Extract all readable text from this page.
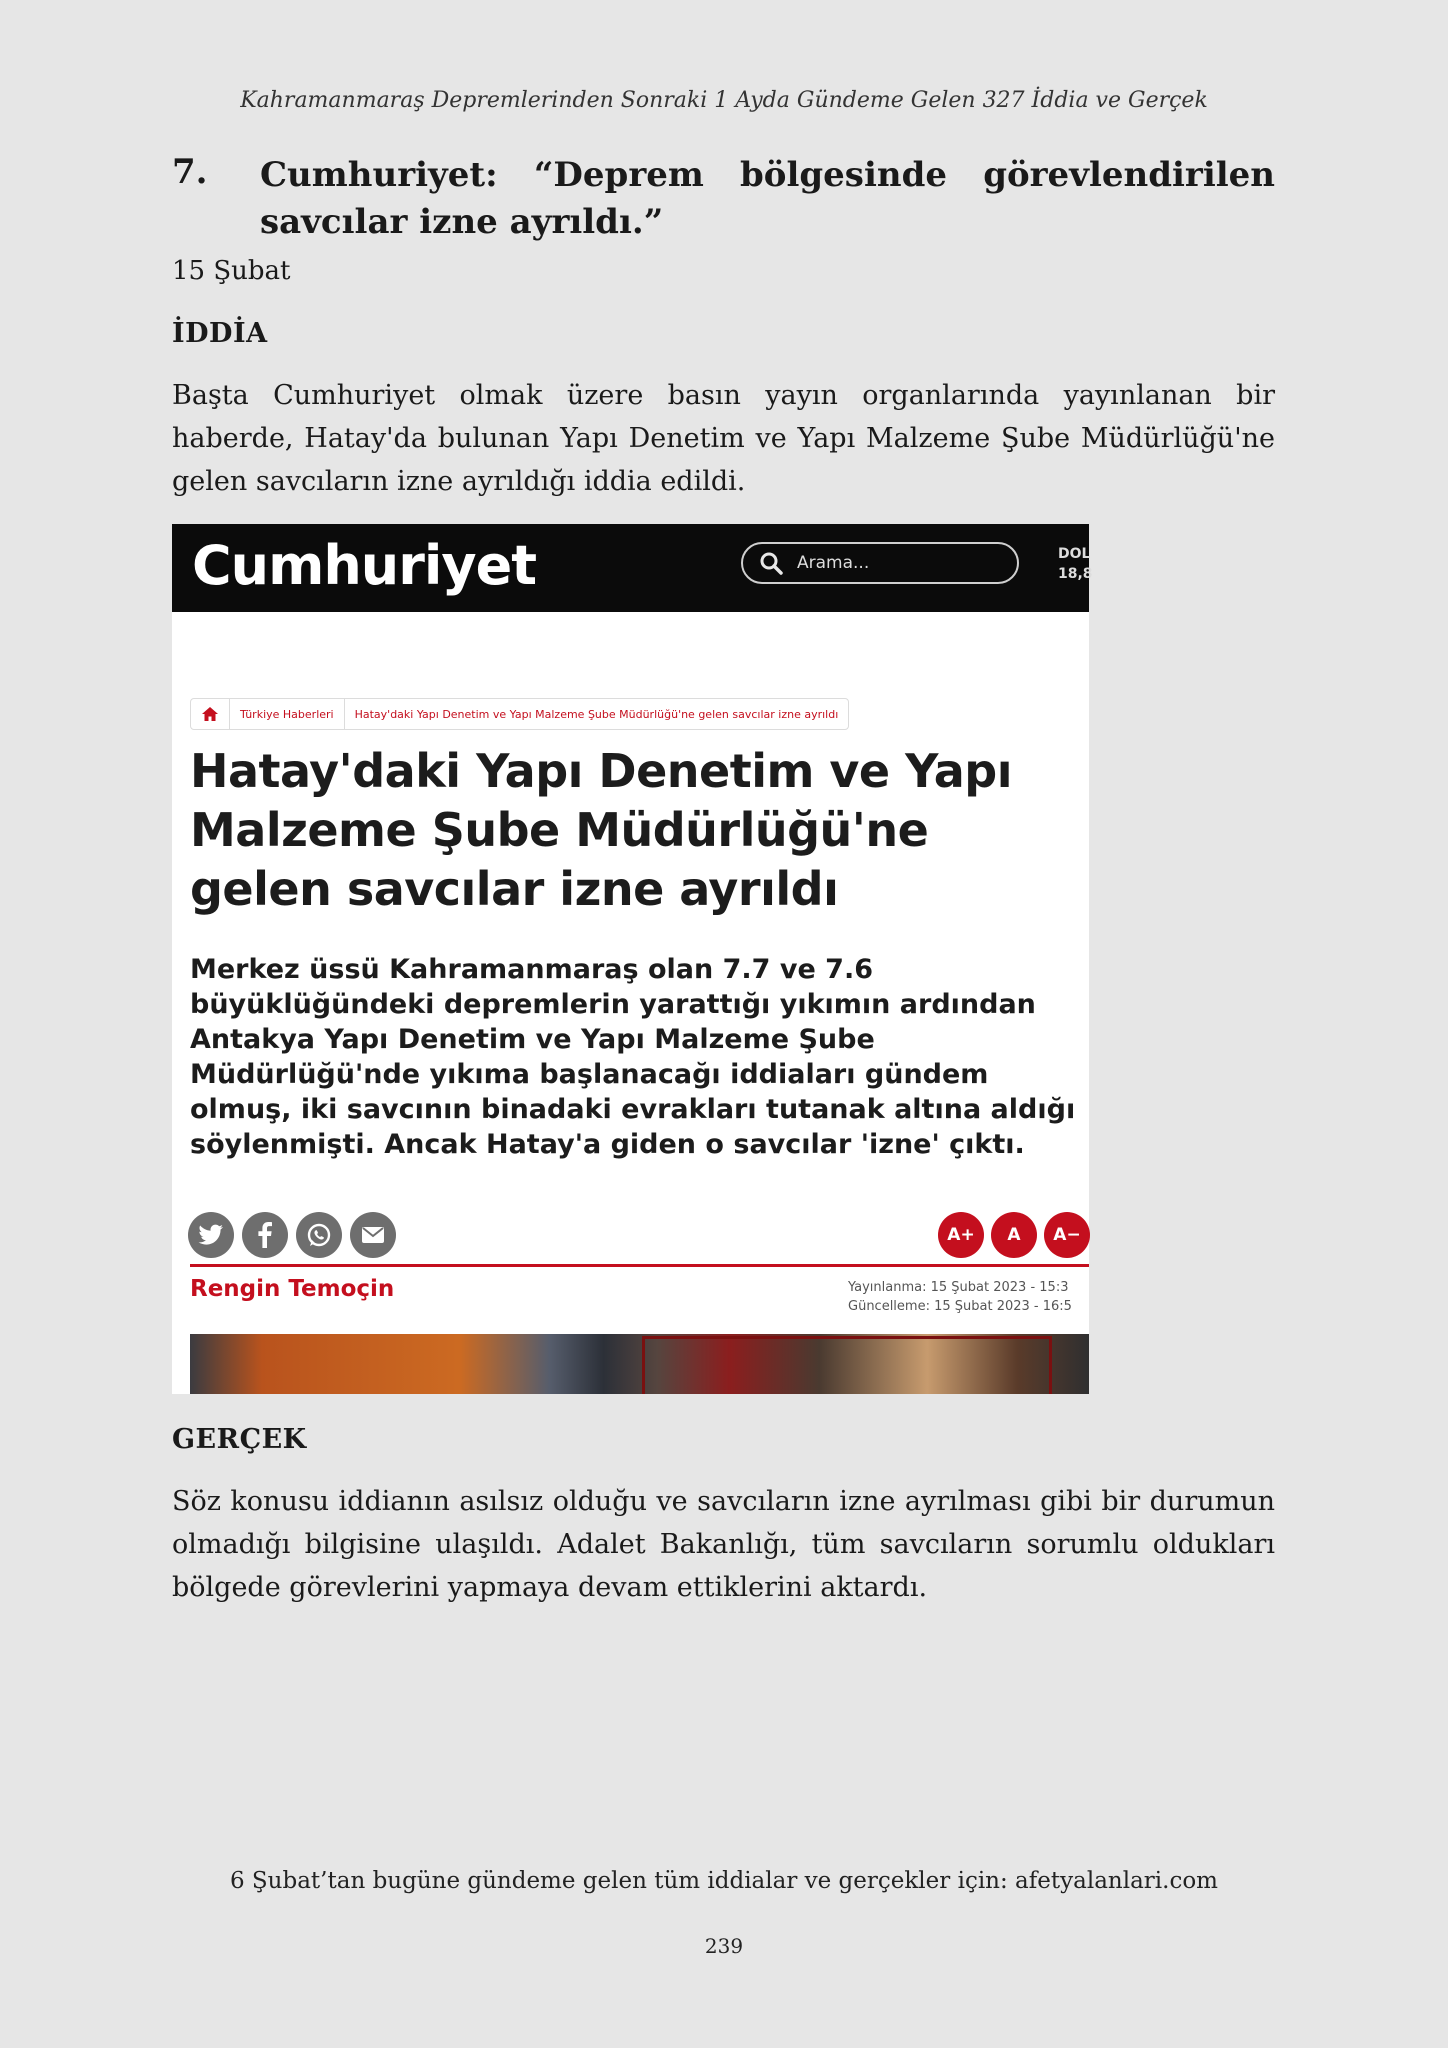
Kahramanmaraş Depremlerinden Sonraki 1 Ayda Gündeme Gelen 327 İddia ve Gerçek
7.	Cumhuriyet: “Deprem bölgesinde görevlendirilen savcılar izne ayrıldı.”
15 Şubat
İDDİA
Başta Cumhuriyet olmak üzere basın yayın organlarında yayınlanan bir haberde, Hatay'da bulunan Yapı Denetim ve Yapı Malzeme Şube Müdürlüğü'ne gelen savcıların izne ayrıldığı iddia edildi.
Cumhuriyet	Arama...	DOL
18,8
Türkiye Haberleri	Hatay'daki Yapı Denetim ve Yapı Malzeme Şube Müdürlüğü'ne gelen savcılar izne ayrıldı
Hatay'daki Yapı Denetim ve Yapı Malzeme Şube Müdürlüğü'ne gelen savcılar izne ayrıldı
Merkez üssü Kahramanmaraş olan 7.7 ve 7.6 büyüklüğündeki depremlerin yarattığı yıkımın ardından Antakya Yapı Denetim ve Yapı Malzeme Şube Müdürlüğü'nde yıkıma başlanacağı iddiaları gündem olmuş, iki savcının binadaki evrakları tutanak altına aldığı söylenmişti. Ancak Hatay'a giden o savcılar 'izne' çıktı.
A+	A	A−
Rengin Temoçin	Yayınlanma: 15 Şubat 2023 - 15:3
Güncelleme: 15 Şubat 2023 - 16:5
GERÇEK
Söz konusu iddianın asılsız olduğu ve savcıların izne ayrılması gibi bir durumun olmadığı bilgisine ulaşıldı. Adalet Bakanlığı, tüm savcıların sorumlu oldukları bölgede görevlerini yapmaya devam ettiklerini aktardı.
6 Şubat’tan bugüne gündeme gelen tüm iddialar ve gerçekler için: afetyalanlari.com
239
